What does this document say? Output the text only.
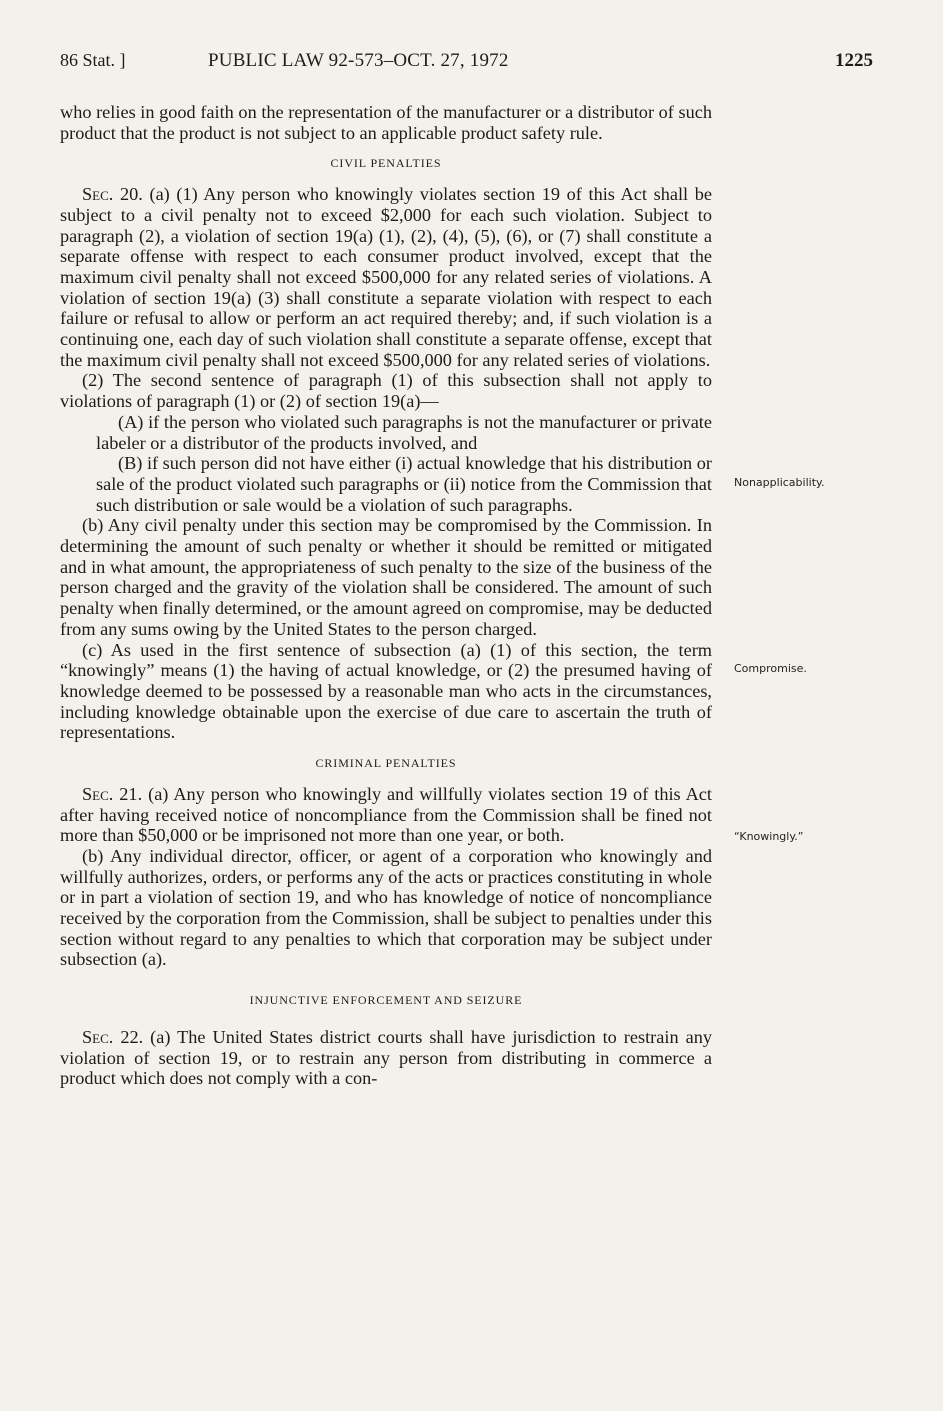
86 Stat. ]	PUBLIC LAW 92-573–OCT. 27, 1972	1225

who relies in good faith on the representation of the manufacturer or a distributor of such product that the product is not subject to an applicable product safety rule.

CIVIL PENALTIES

Sec. 20. (a) (1) Any person who knowingly violates section 19 of this Act shall be subject to a civil penalty not to exceed $2,000 for each such violation. Subject to paragraph (2), a violation of section 19(a) (1), (2), (4), (5), (6), or (7) shall constitute a separate offense with respect to each consumer product involved, except that the maximum civil penalty shall not exceed $500,000 for any related series of violations. A violation of section 19(a) (3) shall constitute a separate violation with respect to each failure or refusal to allow or perform an act required thereby; and, if such violation is a continuing one, each day of such violation shall constitute a separate offense, except that the maximum civil penalty shall not exceed $500,000 for any related series of violations.

(2) The second sentence of paragraph (1) of this subsection shall not apply to violations of paragraph (1) or (2) of section 19(a)—

(A) if the person who violated such paragraphs is not the manufacturer or private labeler or a distributor of the products involved, and

(B) if such person did not have either (i) actual knowledge that his distribution or sale of the product violated such paragraphs or (ii) notice from the Commission that such distribution or sale would be a violation of such paragraphs.

(b) Any civil penalty under this section may be compromised by the Commission. In determining the amount of such penalty or whether it should be remitted or mitigated and in what amount, the appropriateness of such penalty to the size of the business of the person charged and the gravity of the violation shall be considered. The amount of such penalty when finally determined, or the amount agreed on compromise, may be deducted from any sums owing by the United States to the person charged.

(c) As used in the first sentence of subsection (a) (1) of this section, the term “knowingly” means (1) the having of actual knowledge, or (2) the presumed having of knowledge deemed to be possessed by a reasonable man who acts in the circumstances, including knowledge obtainable upon the exercise of due care to ascertain the truth of representations.

CRIMINAL PENALTIES

Sec. 21. (a) Any person who knowingly and willfully violates section 19 of this Act after having received notice of noncompliance from the Commission shall be fined not more than $50,000 or be imprisoned not more than one year, or both.

(b) Any individual director, officer, or agent of a corporation who knowingly and willfully authorizes, orders, or performs any of the acts or practices constituting in whole or in part a violation of section 19, and who has knowledge of notice of noncompliance received by the corporation from the Commission, shall be subject to penalties under this section without regard to any penalties to which that corporation may be subject under subsection (a).

INJUNCTIVE ENFORCEMENT AND SEIZURE

Sec. 22. (a) The United States district courts shall have jurisdiction to restrain any violation of section 19, or to restrain any person from distributing in commerce a product which does not comply with a con-

Nonapplicability.
Compromise.
“Knowingly.”
